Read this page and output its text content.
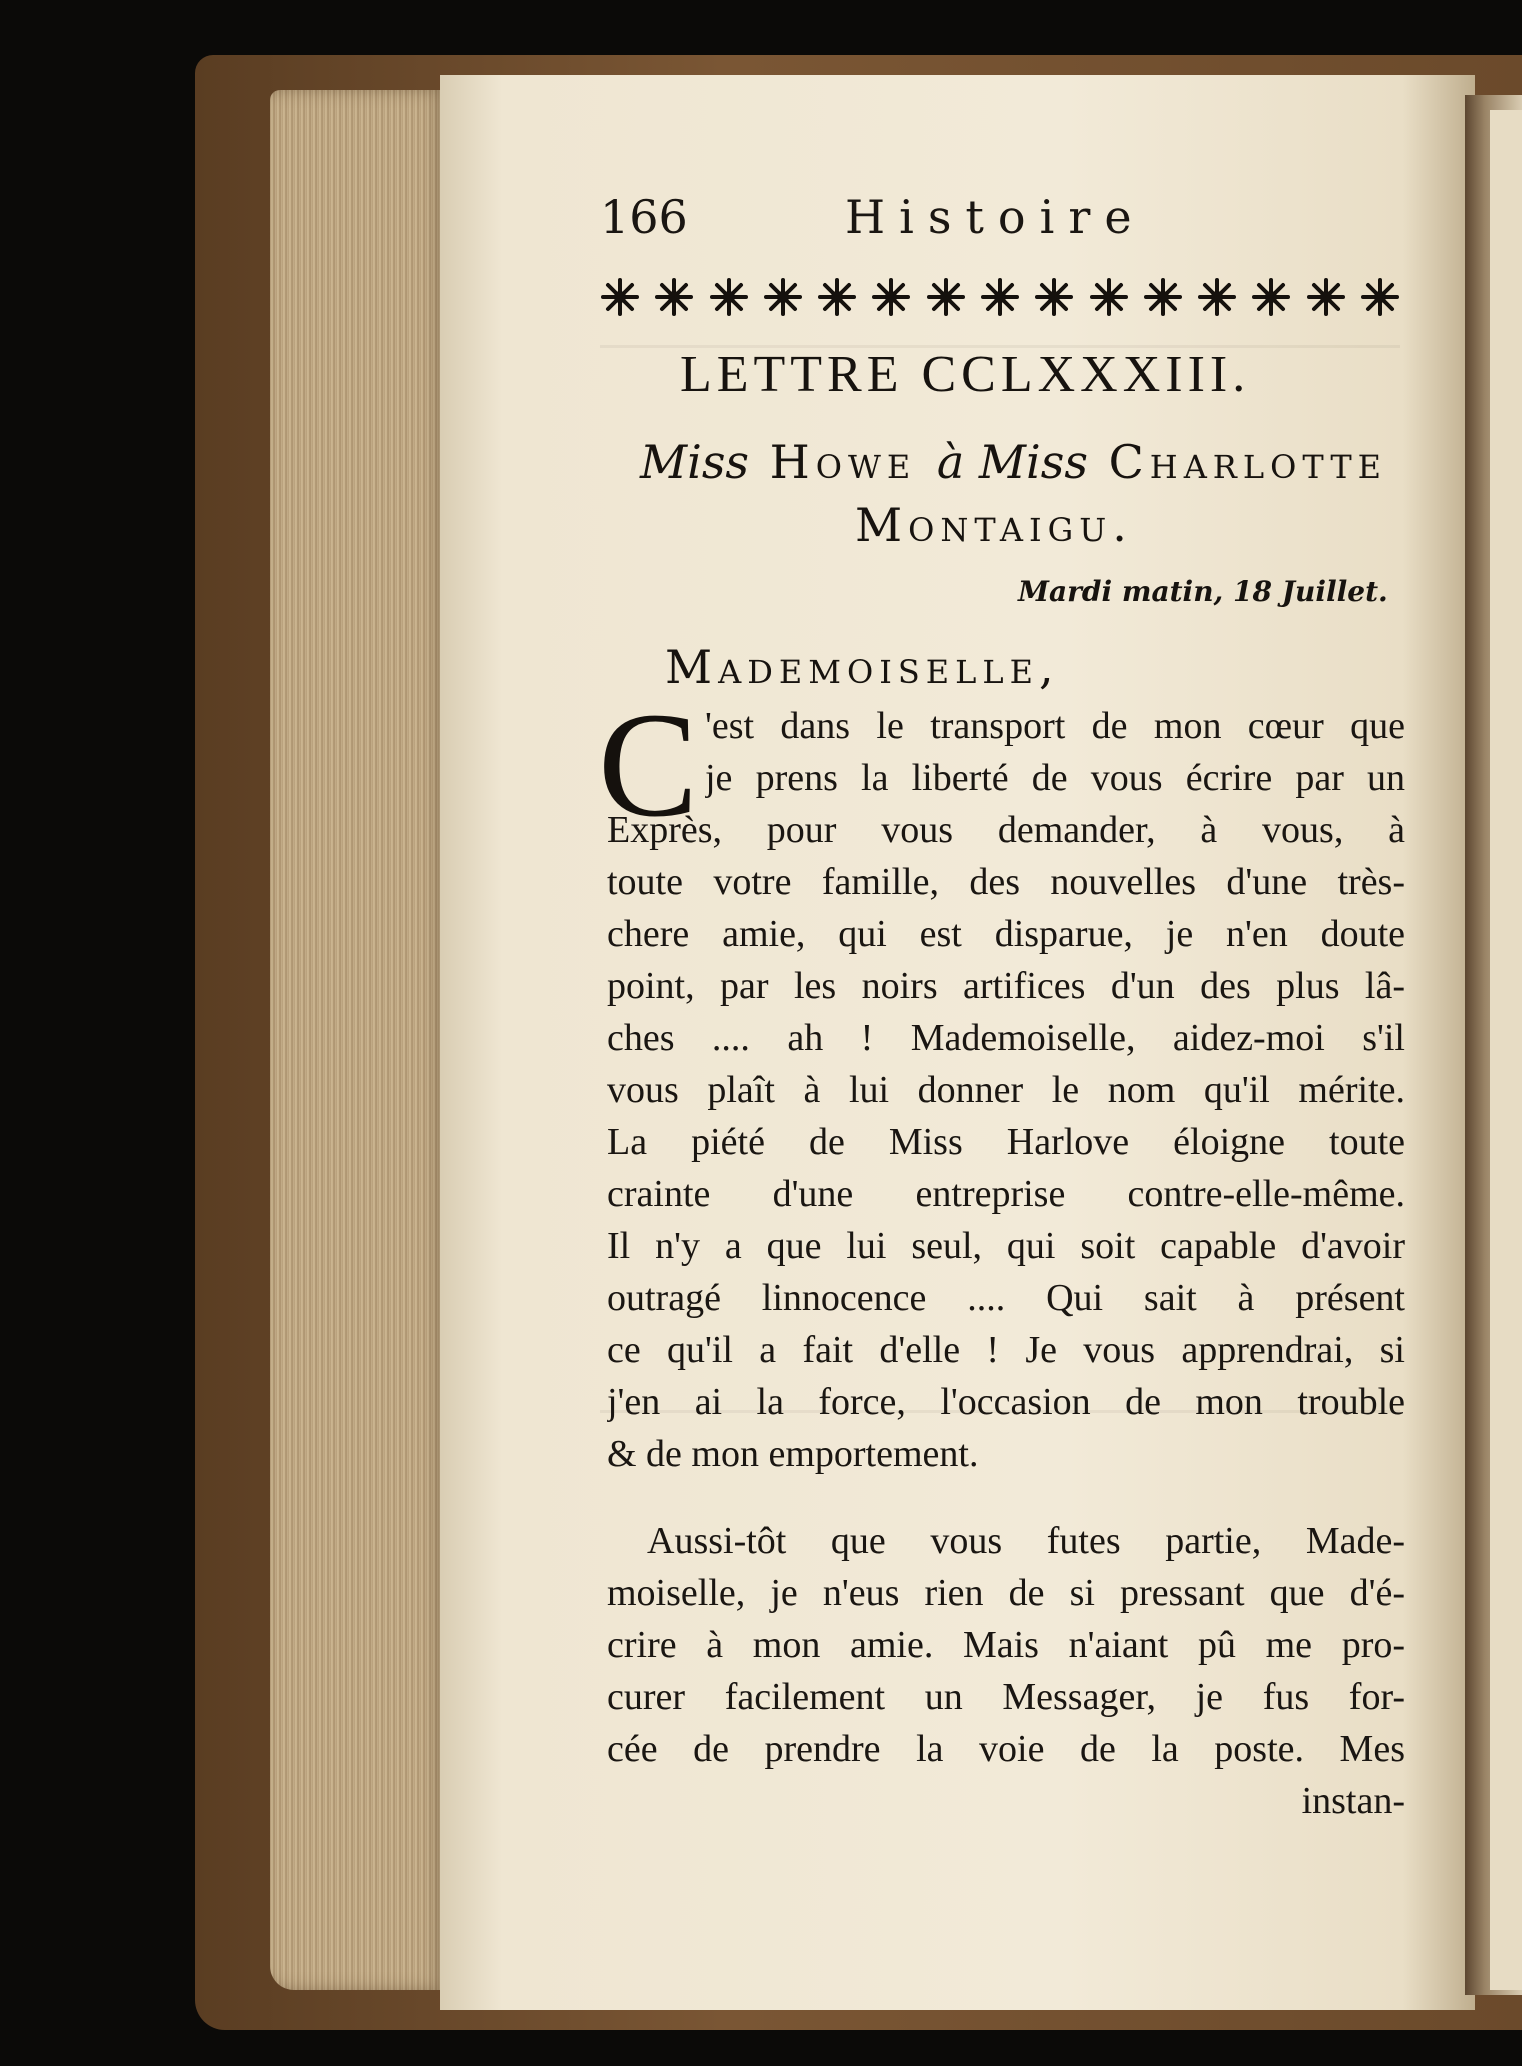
166	Histoire
LETTRE CCLXXXIII.
Miss Howe à Miss Charlotte
Montaigu.
Mardi matin, 18 Juillet.
Mademoiselle,
C 'est dans le transport de mon cœur que
je prens la liberté de vous écrire par un
Exprès, pour vous demander, à vous, à
toute votre famille, des nouvelles d'une très-
chere amie, qui est disparue, je n'en doute
point, par les noirs artifices d'un des plus lâ-
ches .... ah ! Mademoiselle, aidez-moi s'il
vous plaît à lui donner le nom qu'il mérite.
La piété de Miss Harlove éloigne toute
crainte d'une entreprise contre-elle-même.
Il n'y a que lui seul, qui soit capable d'avoir
outragé linnocence .... Qui sait à présent
ce qu'il a fait d'elle ! Je vous apprendrai, si
j'en ai la force, l'occasion de mon trouble
& de mon emportement.
Aussi-tôt que vous futes partie, Made-
moiselle, je n'eus rien de si pressant que d'é-
crire à mon amie. Mais n'aiant pû me pro-
curer facilement un Messager, je fus for-
cée de prendre la voie de la poste. Mes
instan-
